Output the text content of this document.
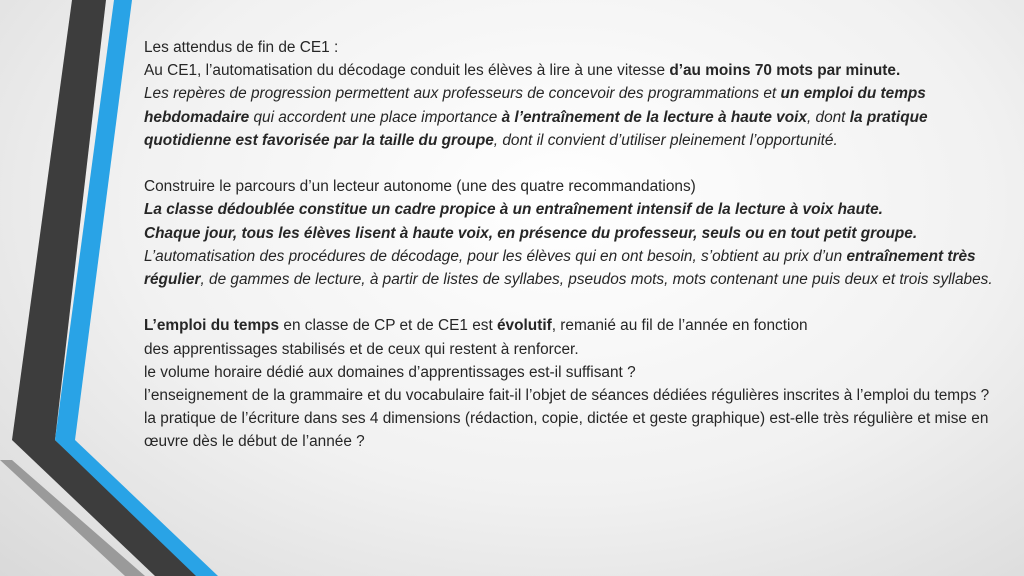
Les attendus de fin de CE1 :

Au CE1, l’automatisation du décodage conduit les élèves à lire à une vitesse d’au moins 70 mots par minute.

Les repères de progression permettent aux professeurs de concevoir des programmations et un emploi du temps hebdomadaire qui accordent une place importance à l’entraînement de la lecture à haute voix, dont la pratique quotidienne est favorisée par la taille du groupe, dont il convient d’utiliser pleinement l’opportunité.

Construire le parcours d’un lecteur autonome (une des quatre recommandations)

La classe dédoublée constitue un cadre propice à un entraînement intensif de la lecture à voix haute.

Chaque jour, tous les élèves lisent à haute voix, en présence du professeur, seuls ou en tout petit groupe.

L’automatisation des procédures de décodage, pour les élèves qui en ont besoin, s’obtient au prix d’un entraînement très régulier, de gammes de lecture, à partir de listes de syllabes, pseudos mots, mots contenant une puis deux et trois syllabes.

L’emploi du temps en classe de CP et de CE1 est évolutif, remanié au fil de l’année en fonction

des apprentissages stabilisés et de ceux qui restent à renforcer.

le volume horaire dédié aux domaines d’apprentissages est-il suffisant ?

l’enseignement de la grammaire et du vocabulaire fait-il l’objet de séances dédiées régulières inscrites à l’emploi du temps ?

la pratique de l’écriture dans ses 4 dimensions (rédaction, copie, dictée et geste graphique) est-elle très régulière et mise en œuvre dès le début de l’année ?
